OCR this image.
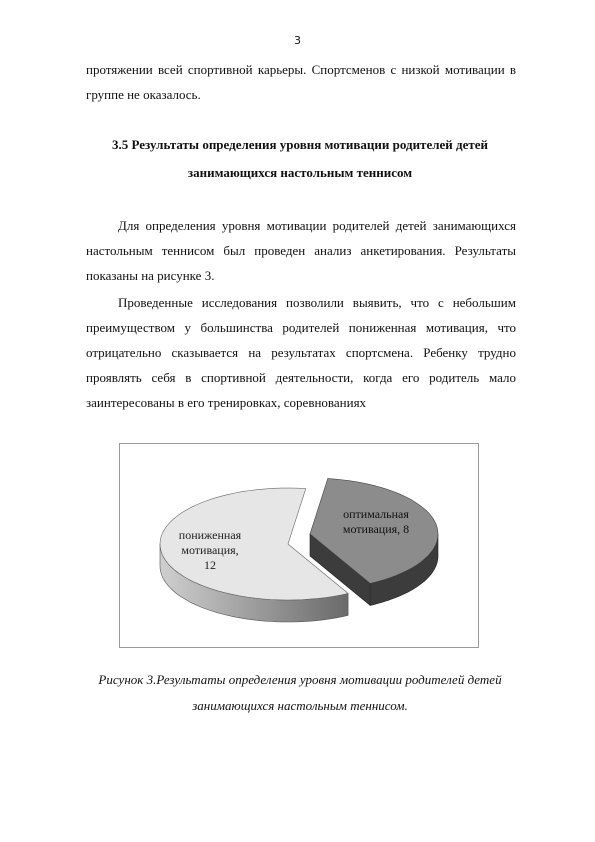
3

протяжении всей спортивной карьеры. Спортсменов с низкой мотивации в

группе не оказалось.

3.5 Результаты определения уровня мотивации родителей детей

занимающихся настольным теннисом

Для определения уровня мотивации родителей детей занимающихся

настольным теннисом был проведен анализ анкетирования. Результаты

показаны на рисунке 3.

Проведенные исследования позволили выявить, что с небольшим

преимуществом у большинства родителей пониженная мотивация, что

отрицательно сказывается на результатах спортсмена. Ребенку трудно

проявлять себя в спортивной деятельности, когда его родитель мало

заинтересованы в его тренировках, соревнованиях

пониженная
мотивация,
12
оптимальная
мотивация, 8

Рисунок 3.Результаты определения уровня мотивации родителей детей

занимающихся настольным теннисом.
